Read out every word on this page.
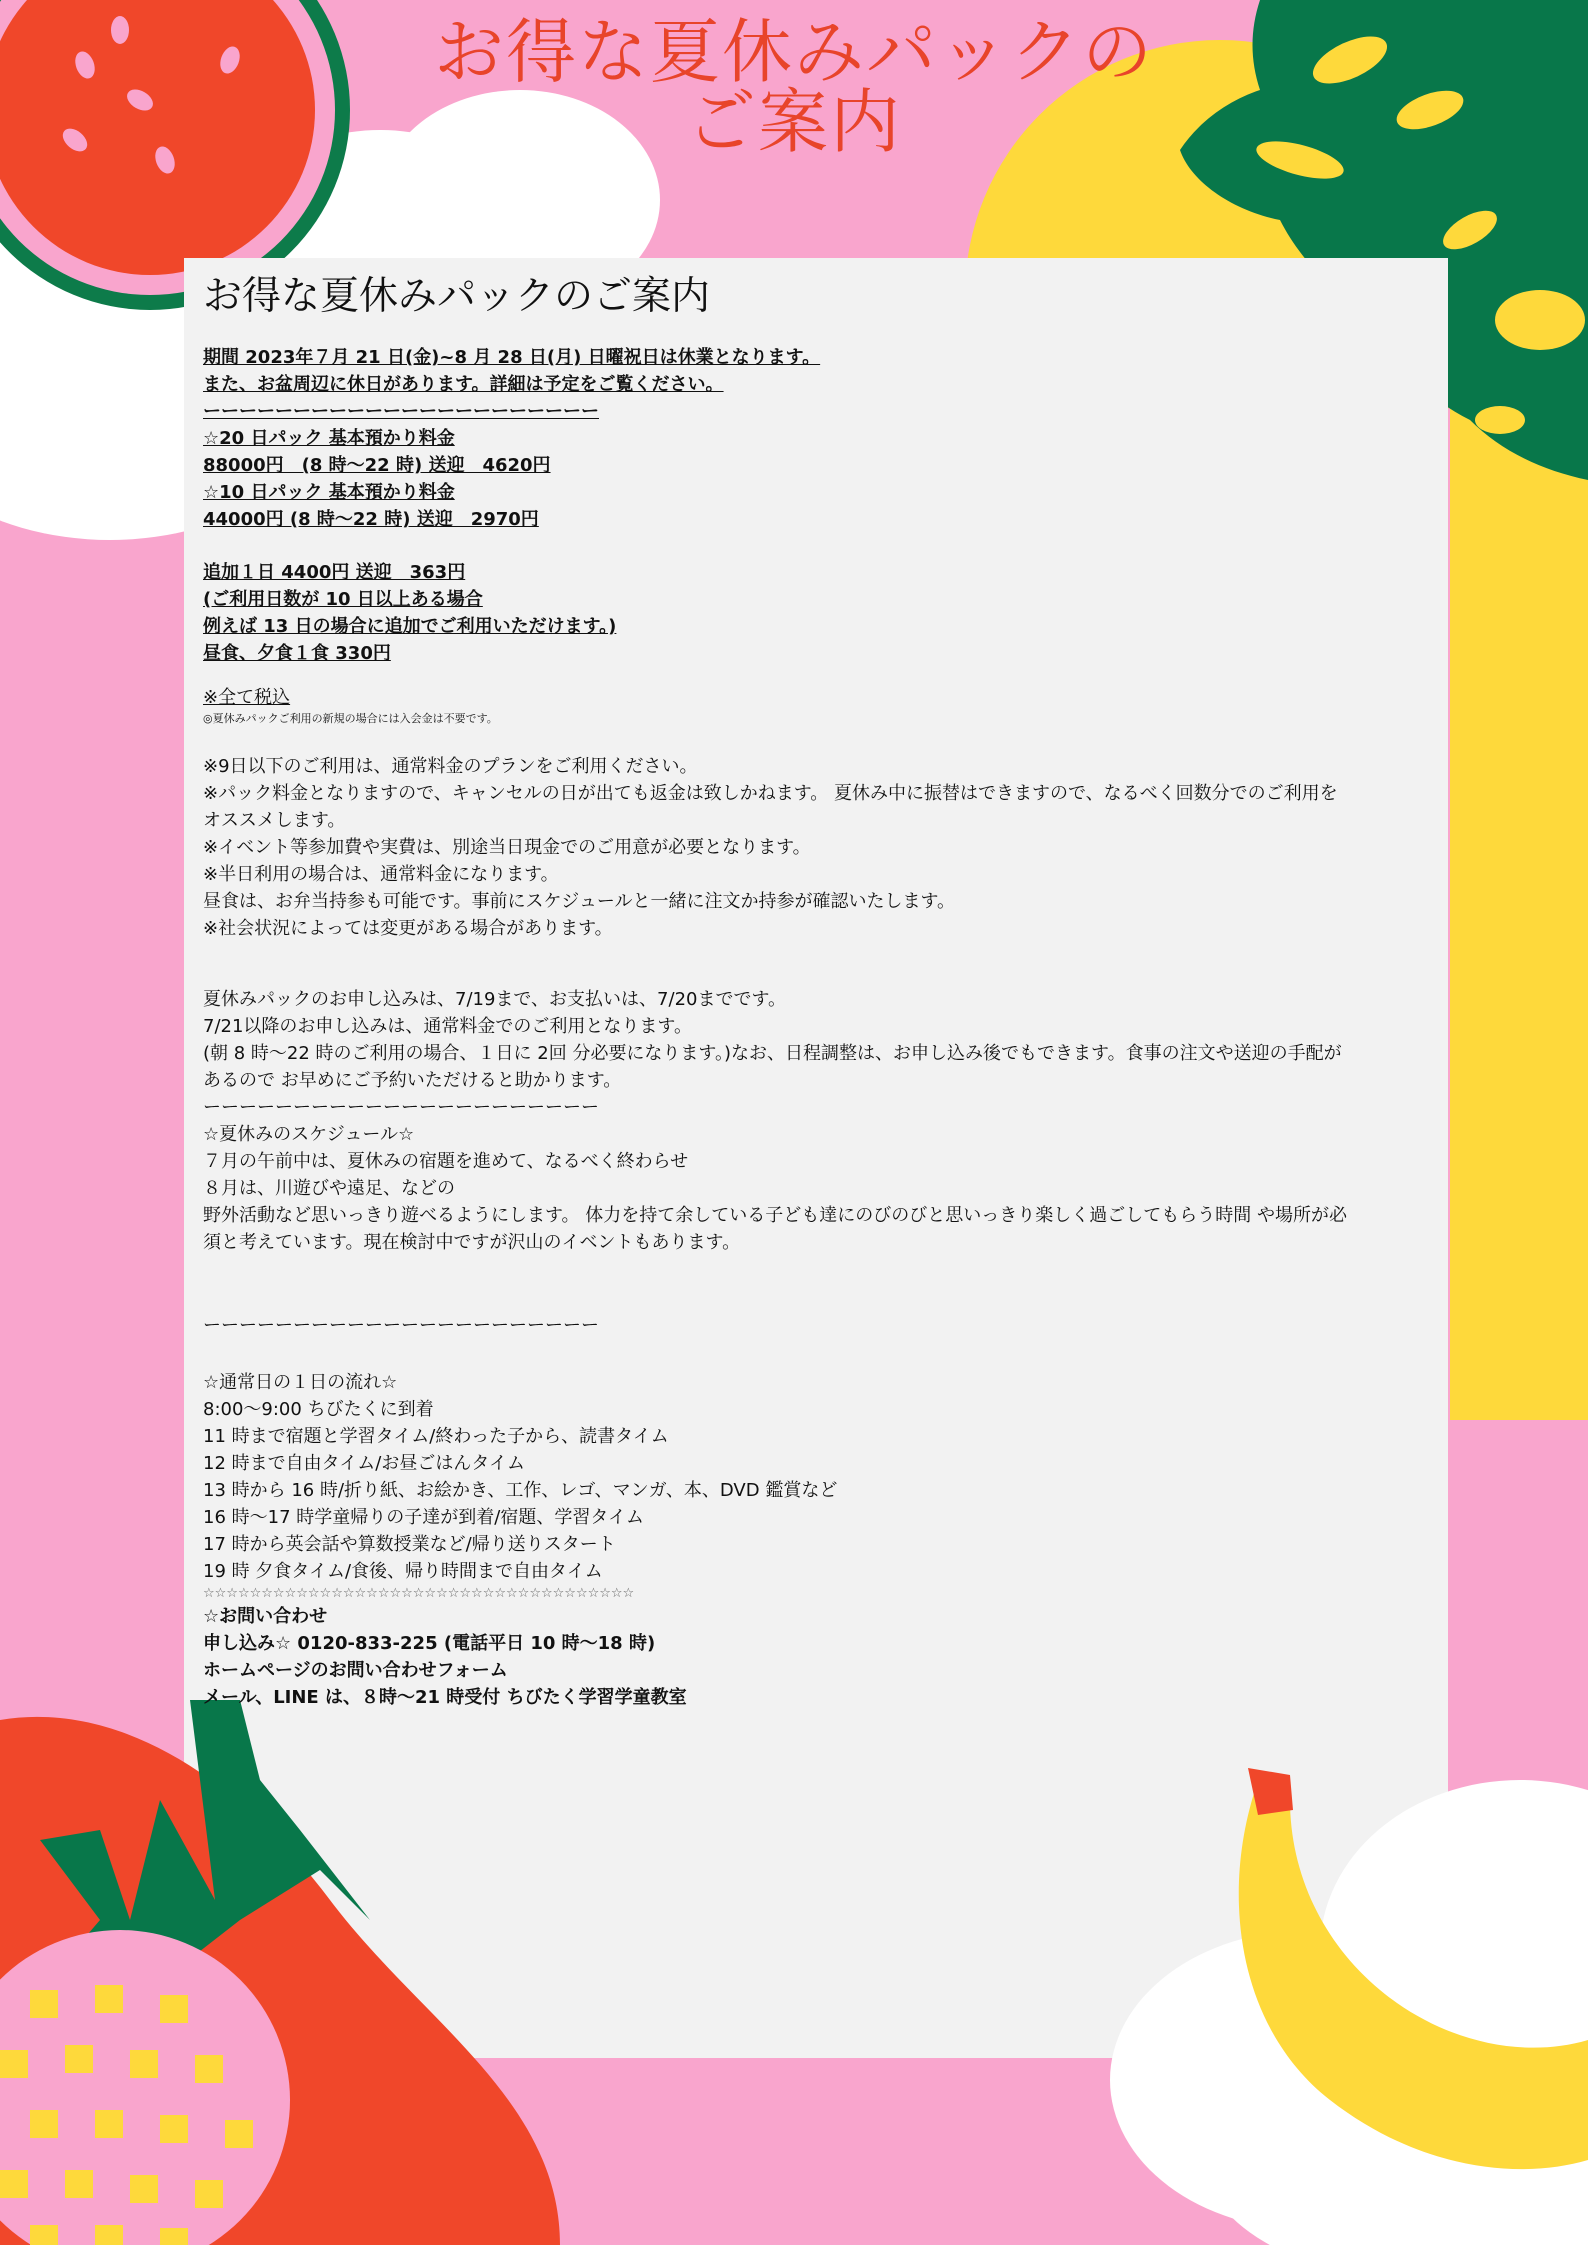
お得な夏休みパックの
ご案内
お得な夏休みパックのご案内
期間 2023年７月 21 日(金)~8 月 28 日(月) 日曜祝日は休業となります。
また、お盆周辺に休日があります。詳細は予定をご覧ください。
ーーーーーーーーーーーーーーーーーーーーーー
☆20 日パック 基本預かり料金
88000円　(8 時〜22 時) 送迎　4620円
☆10 日パック 基本預かり料金
44000円 (8 時〜22 時) 送迎　2970円
追加１日 4400円 送迎　363円
(ご利用日数が 10 日以上ある場合
例えば 13 日の場合に追加でご利用いただけます。)
昼食、夕食１食 330円
※全て税込
◎夏休みパックご利用の新規の場合には入会金は不要です。
※9日以下のご利用は、通常料金のプランをご利用ください。
※パック料金となりますので、キャンセルの日が出ても返金は致しかねます。 夏休み中に振替はできますので、なるべく回数分でのご利用を
オススメします。
※イベント等参加費や実費は、別途当日現金でのご用意が必要となります。
※半日利用の場合は、通常料金になります。
昼食は、お弁当持参も可能です。事前にスケジュールと一緒に注文か持参が確認いたします。
※社会状況によっては変更がある場合があります。
夏休みパックのお申し込みは、7/19まで、お支払いは、7/20までです。
7/21以降のお申し込みは、通常料金でのご利用となります。
(朝 8 時〜22 時のご利用の場合、１日に 2回 分必要になります。)なお、日程調整は、お申し込み後でもできます。食事の注文や送迎の手配が
あるので お早めにご予約いただけると助かります。
ーーーーーーーーーーーーーーーーーーーーーー
☆夏休みのスケジュール☆
７月の午前中は、夏休みの宿題を進めて、なるべく終わらせ
８月は、川遊びや遠足、などの
野外活動など思いっきり遊べるようにします。 体力を持て余している子ども達にのびのびと思いっきり楽しく過ごしてもらう時間 や場所が必
須と考えています。現在検討中ですが沢山のイベントもあります。
ーーーーーーーーーーーーーーーーーーーーーー
☆通常日の１日の流れ☆
8:00〜9:00 ちびたくに到着
11 時まで宿題と学習タイム/終わった子から、読書タイム
12 時まで自由タイム/お昼ごはんタイム
13 時から 16 時/折り紙、お絵かき、工作、レゴ、マンガ、本、DVD 鑑賞など
16 時〜17 時学童帰りの子達が到着/宿題、学習タイム
17 時から英会話や算数授業など/帰り送りスタート
19 時 夕食タイム/食後、帰り時間まで自由タイム
☆☆☆☆☆☆☆☆☆☆☆☆☆☆☆☆☆☆☆☆☆☆☆☆☆☆☆☆☆☆☆☆☆☆☆☆☆
☆お問い合わせ
申し込み☆ 0120-833-225 (電話平日 10 時〜18 時)
ホームページのお問い合わせフォーム
メール、LINE は、８時〜21 時受付 ちびたく学習学童教室
